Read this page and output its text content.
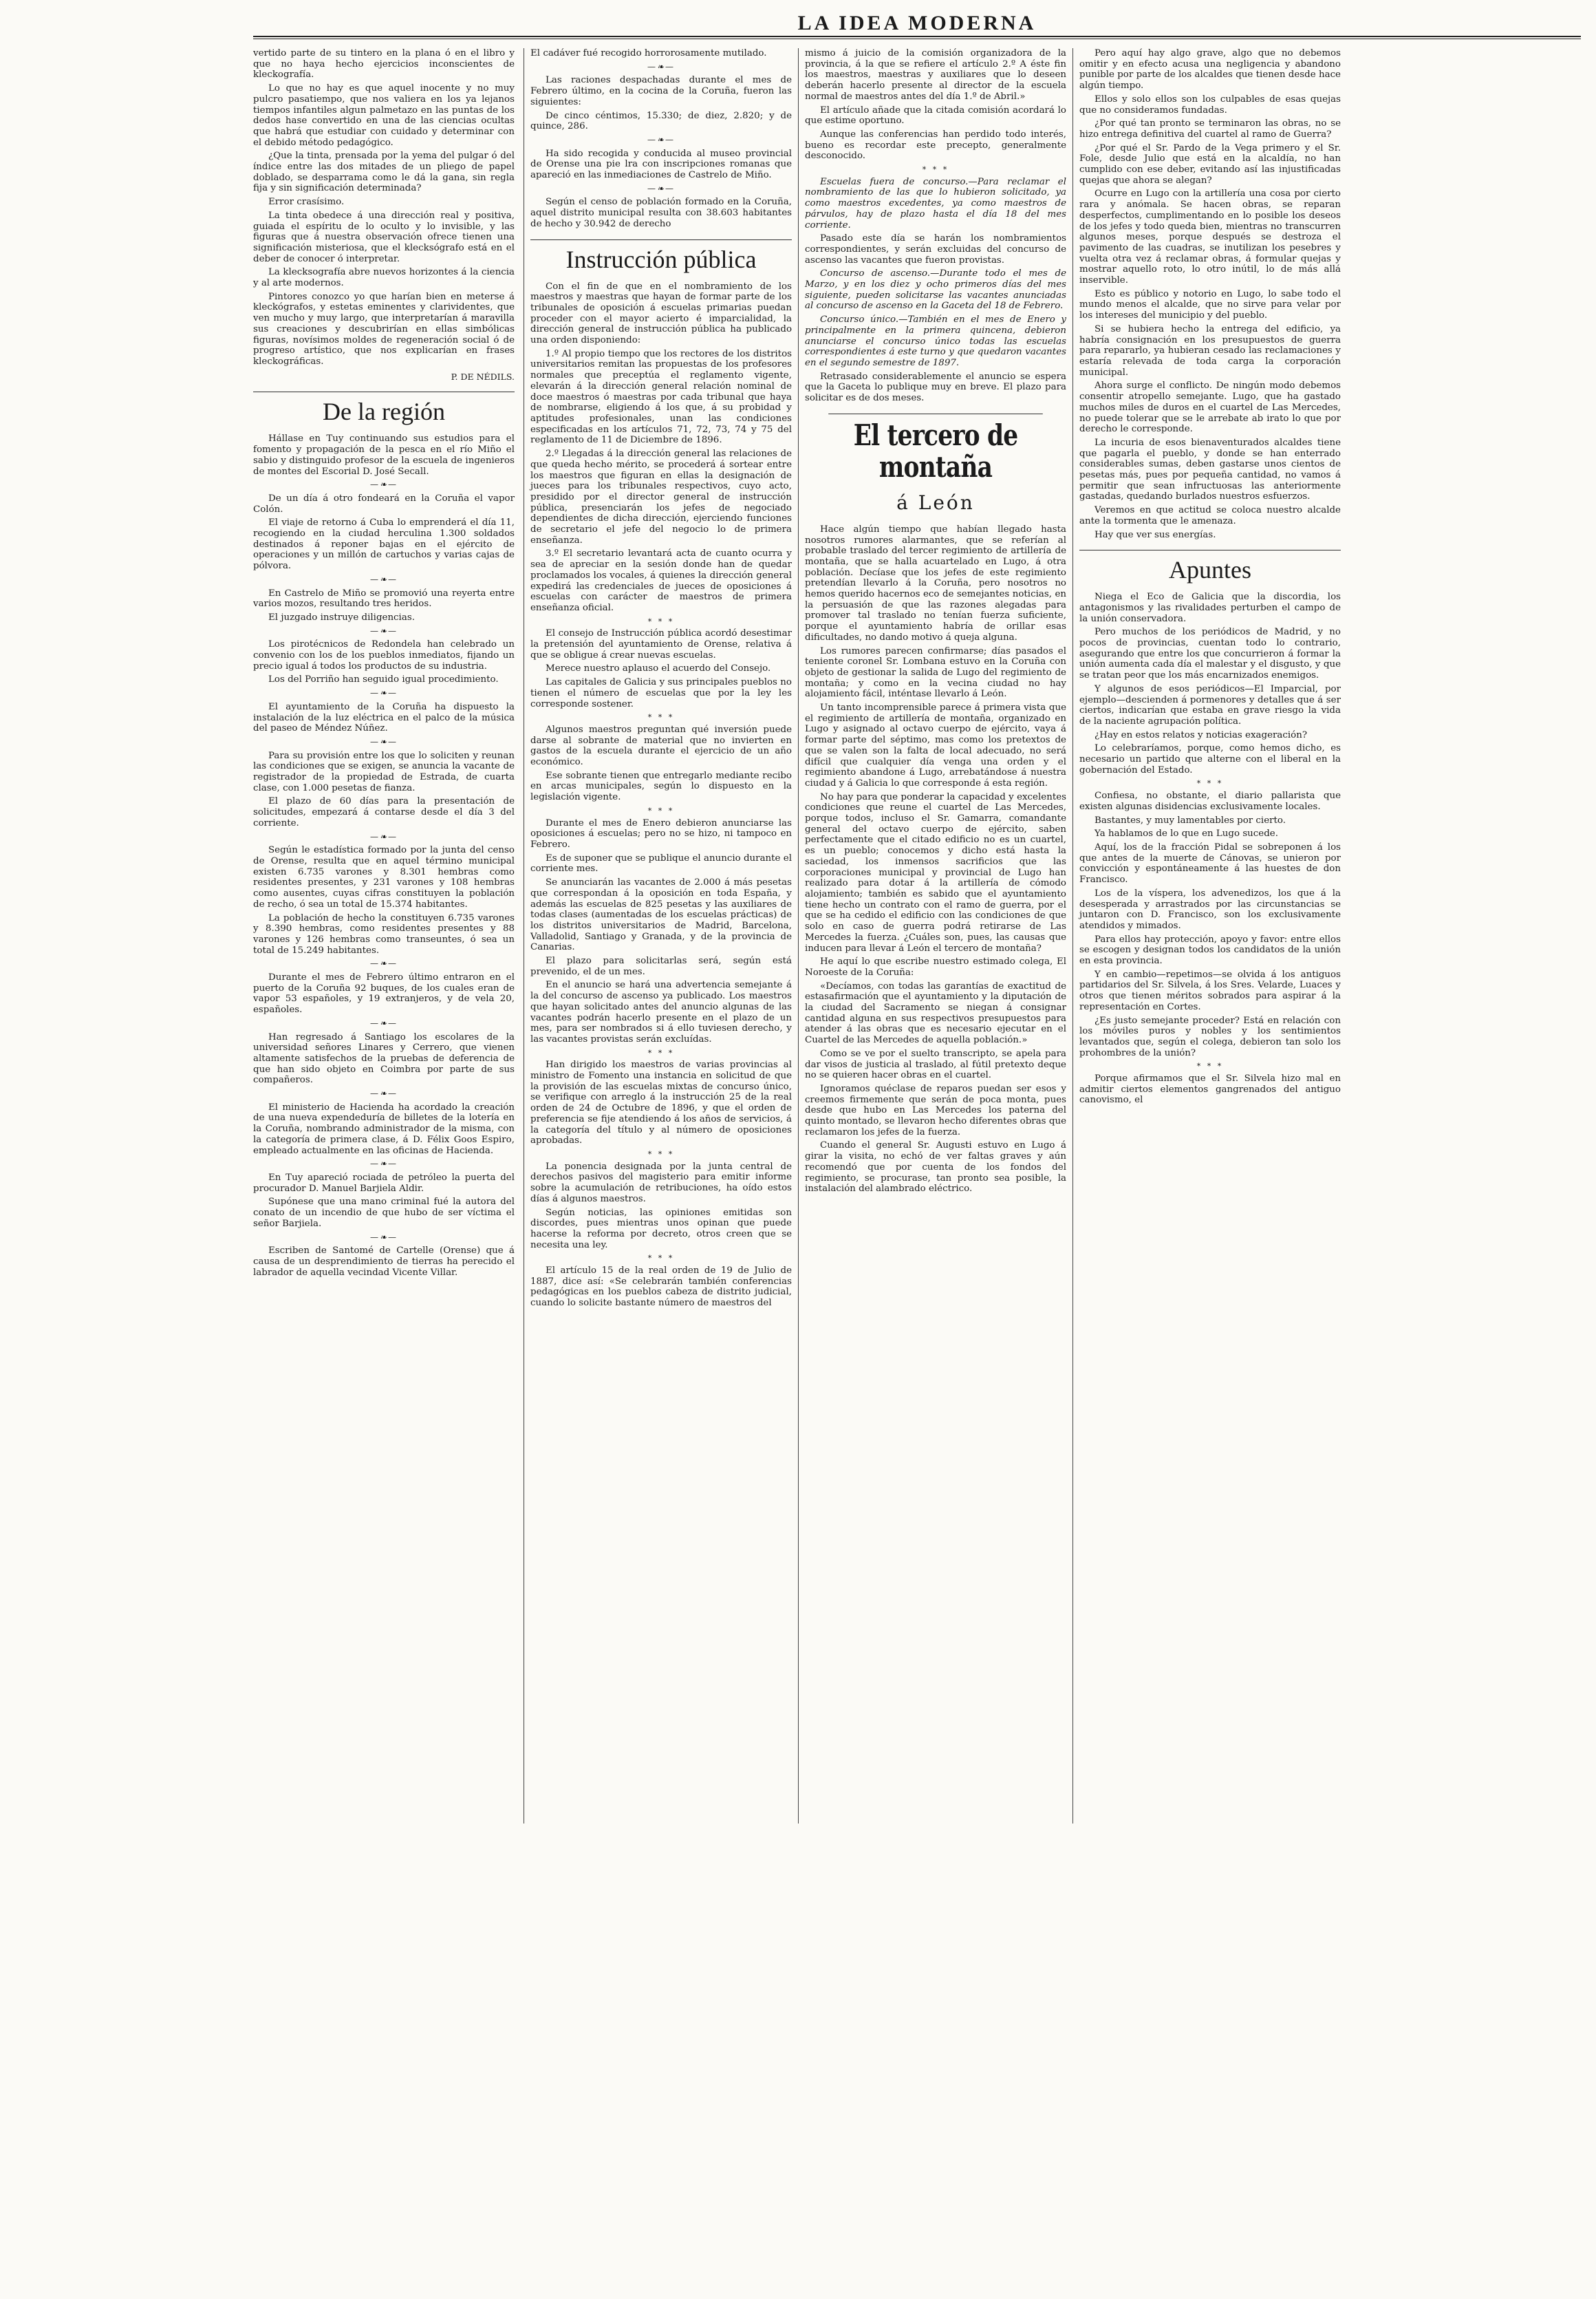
LA IDEA MODERNA

vertido parte de su tintero en la plana ó en el libro y que no haya hecho ejercicios inconscientes de kleckografía.

Lo que no hay es que aquel inocente y no muy pulcro pasatiempo, que nos valiera en los ya lejanos tiempos infantiles algun palmetazo en las puntas de los dedos hase convertido en una de las ciencias ocultas que habrá que estudiar con cuidado y determinar con el debido método pedagógico.

¿Que la tinta, prensada por la yema del pulgar ó del índice entre las dos mitades de un pliego de papel doblado, se desparrama como le dá la gana, sin regla fija y sin significación determinada?

Error crasísimo.

La tinta obedece á una dirección real y positiva, guiada el espíritu de lo oculto y lo invisible, y las figuras que á nuestra observación ofrece tienen una significación misteriosa, que el klecksógrafo está en el deber de conocer ó interpretar.

La klecksografía abre nuevos horizontes á la ciencia y al arte modernos.

Pintores conozco yo que harían bien en meterse á kleckógrafos, y estetas eminentes y clarividentes, que ven mucho y muy largo, que interpretarían á maravilla sus creaciones y descubrirían en ellas simbólicas figuras, novísimos moldes de regeneración social ó de progreso artístico, que nos explicarían en frases kleckográficas.

P. DE NÉDILS.
De la región

Hállase en Tuy continuando sus estudios para el fomento y propagación de la pesca en el río Miño el sabio y distinguido profesor de la escuela de ingenieros de montes del Escorial D. José Secall.

—❧—

De un día á otro fondeará en la Coruña el vapor Colón.

El viaje de retorno á Cuba lo emprenderá el día 11, recogiendo en la ciudad herculina 1.300 soldados destinados á reponer bajas en el ejército de operaciones y un millón de cartuchos y varias cajas de pólvora.

—❧—

En Castrelo de Miño se promovió una reyerta entre varios mozos, resultando tres heridos.

El juzgado instruye diligencias.

—❧—

Los pirotécnicos de Redondela han celebrado un convenio con los de los pueblos inmediatos, fijando un precio igual á todos los productos de su industria.

Los del Porriño han seguido igual procedimiento.

—❧—

El ayuntamiento de la Coruña ha dispuesto la instalación de la luz eléctrica en el palco de la música del paseo de Méndez Núñez.

—❧—

Para su provisión entre los que lo soliciten y reunan las condiciones que se exigen, se anuncia la vacante de registrador de la propiedad de Estrada, de cuarta clase, con 1.000 pesetas de fianza.

El plazo de 60 días para la presentación de solicitudes, empezará á contarse desde el día 3 del corriente.

—❧—

Según le estadística formado por la junta del censo de Orense, resulta que en aquel término municipal existen 6.735 varones y 8.301 hembras como residentes presentes, y 231 varones y 108 hembras como ausentes, cuyas cifras constituyen la población de recho, ó sea un total de 15.374 habitantes.

La población de hecho la constituyen 6.735 varones y 8.390 hembras, como residentes presentes y 88 varones y 126 hembras como transeuntes, ó sea un total de 15.249 habitantes.

—❧—

Durante el mes de Febrero último entraron en el puerto de la Coruña 92 buques, de los cuales eran de vapor 53 españoles, y 19 extranjeros, y de vela 20, españoles.

—❧—

Han regresado á Santiago los escolares de la universidad señores Linares y Cerrero, que vienen altamente satisfechos de la pruebas de deferencia de que han sido objeto en Coimbra por parte de sus compañeros.

—❧—

El ministerio de Hacienda ha acordado la creación de una nueva expendeduría de billetes de la lotería en la Coruña, nombrando administrador de la misma, con la categoría de primera clase, á D. Félix Goos Espiro, empleado actualmente en las oficinas de Hacienda.

—❧—

En Tuy apareció rociada de petróleo la puerta del procurador D. Manuel Barjiela Aldir.

Supónese que una mano criminal fué la autora del conato de un incendio de que hubo de ser víctima el señor Barjiela.

—❧—

Escriben de Santomé de Cartelle (Orense) que á causa de un desprendimiento de tierras ha perecido el labrador de aquella vecindad Vicente Villar.

El cadáver fué recogido horrorosamente mutilado.

—❧—

Las raciones despachadas durante el mes de Febrero último, en la cocina de la Coruña, fueron las siguientes:

De cinco céntimos, 15.330; de diez, 2.820; y de quince, 286.

—❧—

Ha sido recogida y conducida al museo provincial de Orense una pie lra con inscripciones romanas que apareció en las inmediaciones de Castrelo de Miño.

—❧—

Según el censo de población formado en la Coruña, aquel distrito municipal resulta con 38.603 habitantes de hecho y 30.942 de derecho

Instrucción pública

Con el fin de que en el nombramiento de los maestros y maestras que hayan de formar parte de los tribunales de oposición á escuelas primarias puedan proceder con el mayor acierto é imparcialidad, la dirección general de instrucción pública ha publicado una orden disponiendo:

1.º Al propio tiempo que los rectores de los distritos universitarios remitan las propuestas de los profesores normales que preceptúa el reglamento vigente, elevarán á la dirección general relación nominal de doce maestros ó maestras por cada tribunal que haya de nombrarse, eligiendo á los que, á su probidad y aptitudes profesionales, unan las condiciones especificadas en los artículos 71, 72, 73, 74 y 75 del reglamento de 11 de Diciembre de 1896.

2.º Llegadas á la dirección general las relaciones de que queda hecho mérito, se procederá á sortear entre los maestros que figuran en ellas la designación de jueces para los tribunales respectivos, cuyo acto, presidido por el director general de instrucción pública, presenciarán los jefes de negociado dependientes de dicha dirección, ejerciendo funciones de secretario el jefe del negocio lo de primera enseñanza.

3.º El secretario levantará acta de cuanto ocurra y sea de apreciar en la sesión donde han de quedar proclamados los vocales, á quienes la dirección general expedirá las credenciales de jueces de oposiciones á escuelas con carácter de maestros de primera enseñanza oficial.

* * *

El consejo de Instrucción pública acordó desestimar la pretensión del ayuntamiento de Orense, relativa á que se obligue á crear nuevas escuelas.

Merece nuestro aplauso el acuerdo del Consejo.

Las capitales de Galicia y sus principales pueblos no tienen el número de escuelas que por la ley les corresponde sostener.

* * *

Algunos maestros preguntan qué inversión puede darse al sobrante de material que no invierten en gastos de la escuela durante el ejercicio de un año económico.

Ese sobrante tienen que entregarlo mediante recibo en arcas municipales, según lo dispuesto en la legislación vigente.

* * *

Durante el mes de Enero debieron anunciarse las oposiciones á escuelas; pero no se hizo, ni tampoco en Febrero.

Es de suponer que se publique el anuncio durante el corriente mes.

Se anunciarán las vacantes de 2.000 á más pesetas que correspondan á la oposición en toda España, y además las escuelas de 825 pesetas y las auxiliares de todas clases (aumentadas de los escuelas prácticas) de los distritos universitarios de Madrid, Barcelona, Valladolid, Santiago y Granada, y de la provincia de Canarias.

El plazo para solicitarlas será, según está prevenido, el de un mes.

En el anuncio se hará una advertencia semejante á la del concurso de ascenso ya publicado. Los maestros que hayan solicitado antes del anuncio algunas de las vacantes podrán hacerlo presente en el plazo de un mes, para ser nombrados si á ello tuviesen derecho, y las vacantes provistas serán excluídas.

* * *

Han dirigido los maestros de varias provincias al ministro de Fomento una instancia en solicitud de que la provisión de las escuelas mixtas de concurso único, se verifique con arreglo á la instrucción 25 de la real orden de 24 de Octubre de 1896, y que el orden de preferencia se fije atendiendo á los años de servicios, á la categoría del título y al número de oposiciones aprobadas.

* * *

La ponencia designada por la junta central de derechos pasivos del magisterio para emitir informe sobre la acumulación de retribuciones, ha oído estos días á algunos maestros.

Según noticias, las opiniones emitidas son discordes, pues mientras unos opinan que puede hacerse la reforma por decreto, otros creen que se necesita una ley.

* * *

El artículo 15 de la real orden de 19 de Julio de 1887, dice así: «Se celebrarán también conferencias pedagógicas en los pueblos cabeza de distrito judicial, cuando lo solicite bastante número de maestros del

mismo á juicio de la comisión organizadora de la provincia, á la que se refiere el artículo 2.º A éste fin los maestros, maestras y auxiliares que lo deseen deberán hacerlo presente al director de la escuela normal de maestros antes del día 1.º de Abril.»

El artículo añade que la citada comisión acordará lo que estime oportuno.

Aunque las conferencias han perdido todo interés, bueno es recordar este precepto, generalmente desconocido.

* * *

Escuelas fuera de concurso.—Para reclamar el nombramiento de las que lo hubieron solicitado, ya como maestros excedentes, ya como maestros de párvulos, hay de plazo hasta el día 18 del mes corriente.

Pasado este día se harán los nombramientos correspondientes, y serán excluidas del concurso de ascenso las vacantes que fueron provistas.

Concurso de ascenso.—Durante todo el mes de Marzo, y en los diez y ocho primeros días del mes siguiente, pueden solicitarse las vacantes anunciadas al concurso de ascenso en la Gaceta del 18 de Febrero.

Concurso único.—También en el mes de Enero y principalmente en la primera quincena, debieron anunciarse el concurso único todas las escuelas correspondientes á este turno y que quedaron vacantes en el segundo semestre de 1897.

Retrasado considerablemente el anuncio se espera que la Gaceta lo publique muy en breve. El plazo para solicitar es de dos meses.

El tercero de montaña
á León

Hace algún tiempo que habían llegado hasta nosotros rumores alarmantes, que se referían al probable traslado del tercer regimiento de artillería de montaña, que se halla acuartelado en Lugo, á otra población. Decíase que los jefes de este regimiento pretendían llevarlo á la Coruña, pero nosotros no hemos querido hacernos eco de semejantes noticias, en la persuasión de que las razones alegadas para promover tal traslado no tenían fuerza suficiente, porque el ayuntamiento habría de orillar esas dificultades, no dando motivo á queja alguna.

Los rumores parecen confirmarse; días pasados el teniente coronel Sr. Lombana estuvo en la Coruña con objeto de gestionar la salida de Lugo del regimiento de montaña; y como en la vecina ciudad no hay alojamiento fácil, inténtase llevarlo á León.

Un tanto incomprensible parece á primera vista que el regimiento de artillería de montaña, organizado en Lugo y asignado al octavo cuerpo de ejército, vaya á formar parte del séptimo, mas como los pretextos de que se valen son la falta de local adecuado, no será difícil que cualquier día venga una orden y el regimiento abandone á Lugo, arrebatándose á nuestra ciudad y á Galicia lo que corresponde á esta región.

No hay para que ponderar la capacidad y excelentes condiciones que reune el cuartel de Las Mercedes, porque todos, incluso el Sr. Gamarra, comandante general del octavo cuerpo de ejército, saben perfectamente que el citado edificio no es un cuartel, es un pueblo; conocemos y dicho está hasta la saciedad, los inmensos sacrificios que las corporaciones municipal y provincial de Lugo han realizado para dotar á la artillería de cómodo alojamiento; también es sabido que el ayuntamiento tiene hecho un contrato con el ramo de guerra, por el que se ha cedido el edificio con las condiciones de que solo en caso de guerra podrá retirarse de Las Mercedes la fuerza. ¿Cuáles son, pues, las causas que inducen para llevar á León el tercero de montaña?

He aquí lo que escribe nuestro estimado colega, El Noroeste de la Coruña:

«Decíamos, con todas las garantías de exactitud de estasafirmación que el ayuntamiento y la diputación de la ciudad del Sacramento se niegan á consignar cantidad alguna en sus respectivos presupuestos para atender á las obras que es necesario ejecutar en el Cuartel de las Mercedes de aquella población.»

Como se ve por el suelto transcripto, se apela para dar visos de justicia al traslado, al fútil pretexto deque no se quieren hacer obras en el cuartel.

Ignoramos quéclase de reparos puedan ser esos y creemos firmemente que serán de poca monta, pues desde que hubo en Las Mercedes los paterna del quinto montado, se llevaron hecho diferentes obras que reclamaron los jefes de la fuerza.

Cuando el general Sr. Augusti estuvo en Lugo á girar la visita, no echó de ver faltas graves y aún recomendó que por cuenta de los fondos del regimiento, se procurase, tan pronto sea posible, la instalación del alambrado eléctrico.

Pero aquí hay algo grave, algo que no debemos omitir y en efecto acusa una negligencia y abandono punible por parte de los alcaldes que tienen desde hace algún tiempo.

Ellos y solo ellos son los culpables de esas quejas que no consideramos fundadas.

¿Por qué tan pronto se terminaron las obras, no se hizo entrega definitiva del cuartel al ramo de Guerra?

¿Por qué el Sr. Pardo de la Vega primero y el Sr. Fole, desde Julio que está en la alcaldía, no han cumplido con ese deber, evitando así las injustificadas quejas que ahora se alegan?

Ocurre en Lugo con la artillería una cosa por cierto rara y anómala. Se hacen obras, se reparan desperfectos, cumplimentando en lo posible los deseos de los jefes y todo queda bien, mientras no transcurren algunos meses, porque después se destroza el pavimento de las cuadras, se inutilizan los pesebres y vuelta otra vez á reclamar obras, á formular quejas y mostrar aquello roto, lo otro inútil, lo de más allá inservible.

Esto es público y notorio en Lugo, lo sabe todo el mundo menos el alcalde, que no sirve para velar por los intereses del municipio y del pueblo.

Si se hubiera hecho la entrega del edificio, ya habría consignación en los presupuestos de guerra para repararlo, ya hubieran cesado las reclamaciones y estaría relevada de toda carga la corporación municipal.

Ahora surge el conflicto. De ningún modo debemos consentir atropello semejante. Lugo, que ha gastado muchos miles de duros en el cuartel de Las Mercedes, no puede tolerar que se le arrebate ab irato lo que por derecho le corresponde.

La incuria de esos bienaventurados alcaldes tiene que pagarla el pueblo, y donde se han enterrado considerables sumas, deben gastarse unos cientos de pesetas más, pues por pequeña cantidad, no vamos á permitir que sean infructuosas las anteriormente gastadas, quedando burlados nuestros esfuerzos.

Veremos en que actitud se coloca nuestro alcalde ante la tormenta que le amenaza.

Hay que ver sus energías.

Apuntes

Niega el Eco de Galicia que la discordia, los antagonismos y las rivalidades perturben el campo de la unión conservadora.

Pero muchos de los periódicos de Madrid, y no pocos de provincias, cuentan todo lo contrario, asegurando que entre los que concurrieron á formar la unión aumenta cada día el malestar y el disgusto, y que se tratan peor que los más encarnizados enemigos.

Y algunos de esos periódicos—El Imparcial, por ejemplo—descienden á pormenores y detalles que á ser ciertos, indicarían que estaba en grave riesgo la vida de la naciente agrupación política.

¿Hay en estos relatos y noticias exageración?

Lo celebraríamos, porque, como hemos dicho, es necesario un partido que alterne con el liberal en la gobernación del Estado.

* * *

Confiesa, no obstante, el diario pallarista que existen algunas disidencias exclusivamente locales.

Bastantes, y muy lamentables por cierto.

Ya hablamos de lo que en Lugo sucede.

Aquí, los de la fracción Pidal se sobreponen á los que antes de la muerte de Cánovas, se unieron por convicción y espontáneamente á las huestes de don Francisco.

Los de la víspera, los advenedizos, los que á la desesperada y arrastrados por las circunstancias se juntaron con D. Francisco, son los exclusivamente atendidos y mimados.

Para ellos hay protección, apoyo y favor: entre ellos se escogen y designan todos los candidatos de la unión en esta provincia.

Y en cambio—repetimos—se olvida á los antiguos partidarios del Sr. Silvela, á los Sres. Velarde, Luaces y otros que tienen méritos sobrados para aspirar á la representación en Cortes.

¿Es justo semejante proceder? Está en relación con los móviles puros y nobles y los sentimientos levantados que, según el colega, debieron tan solo los prohombres de la unión?

* * *

Porque afirmamos que el Sr. Silvela hizo mal en admitir ciertos elementos gangrenados del antiguo canovismo, el
